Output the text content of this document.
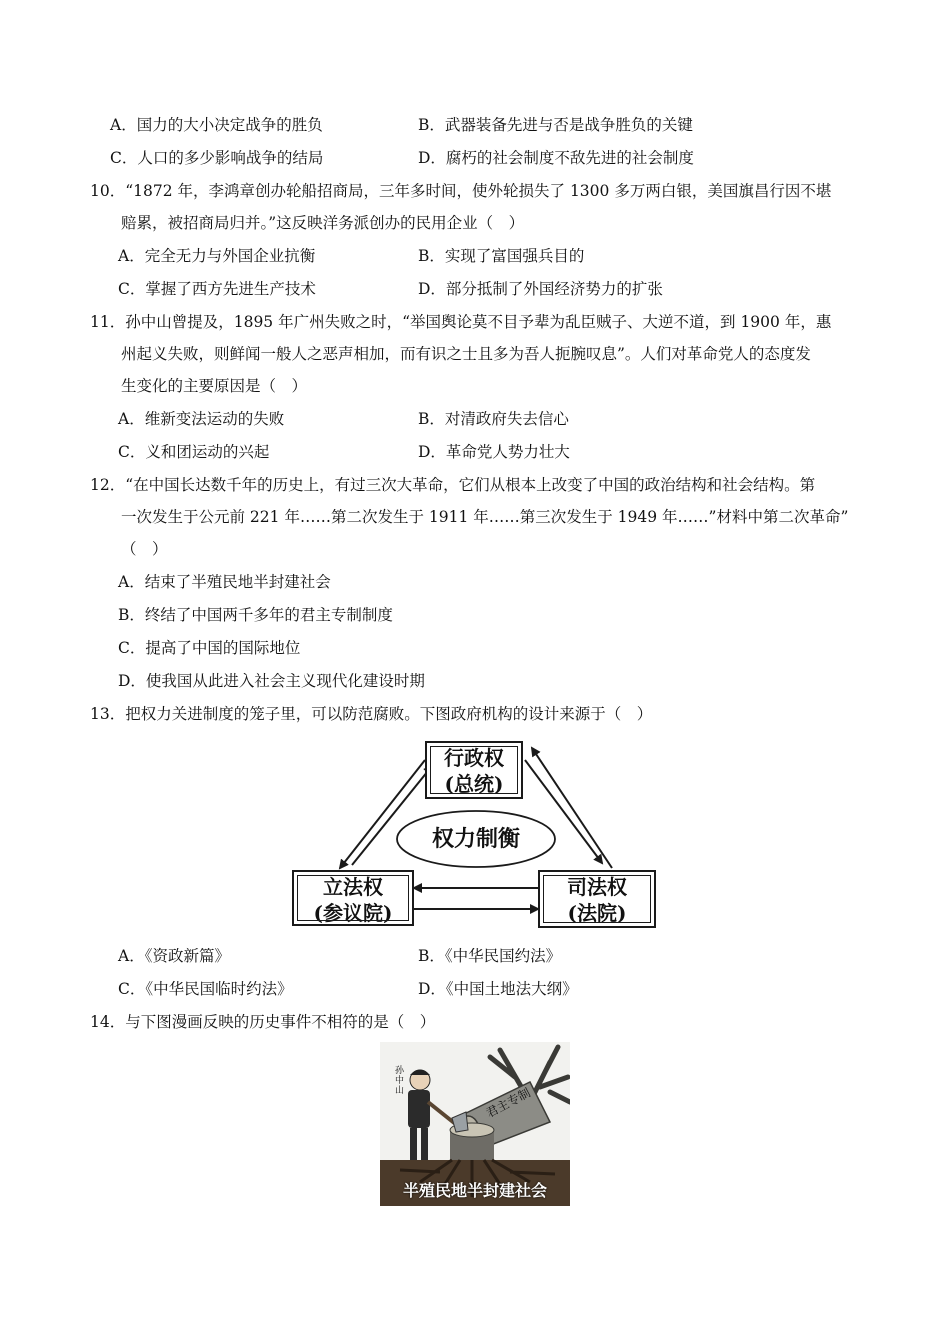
A．国力的大小决定战争的胜负	B．武器装备先进与否是战争胜负的关键
C．人口的多少影响战争的结局	D．腐朽的社会制度不敌先进的社会制度
10．“1872 年，李鸿章创办轮船招商局，三年多时间，使外轮损失了 1300 多万两白银，美国旗昌行因不堪
赔累，被招商局归并。”这反映洋务派创办的民用企业（　）
A．完全无力与外国企业抗衡	B．实现了富国强兵目的
C．掌握了西方先进生产技术	D．部分抵制了外国经济势力的扩张
11．孙中山曾提及，1895 年广州失败之时，“举国舆论莫不目予辈为乱臣贼子、大逆不道，到 1900 年，惠
州起义失败，则鲜闻一般人之恶声相加，而有识之士且多为吾人扼腕叹息”。人们对革命党人的态度发
生变化的主要原因是（　）
A．维新变法运动的失败	B．对清政府失去信心
C．义和团运动的兴起	D．革命党人势力壮大
12．“在中国长达数千年的历史上，有过三次大革命，它们从根本上改变了中国的政治结构和社会结构。第
一次发生于公元前 221 年……第二次发生于 1911 年……第三次发生于 1949 年……”材料中第二次革命”
（　）
A．结束了半殖民地半封建社会
B．终结了中国两千多年的君主专制制度
C．提高了中国的国际地位
D．使我国从此进入社会主义现代化建设时期
13．把权力关进制度的笼子里，可以防范腐败。下图政府机构的设计来源于（　）
行政权
(总统)
立法权
(参议院)
司法权
(法院)
权力制衡
A．《资政新篇》	B．《中华民国约法》
C．《中华民国临时约法》	D．《中国土地法大纲》
14．与下图漫画反映的历史事件不相符的是（　）
孙中山	君主专制
半殖民地半封建社会
